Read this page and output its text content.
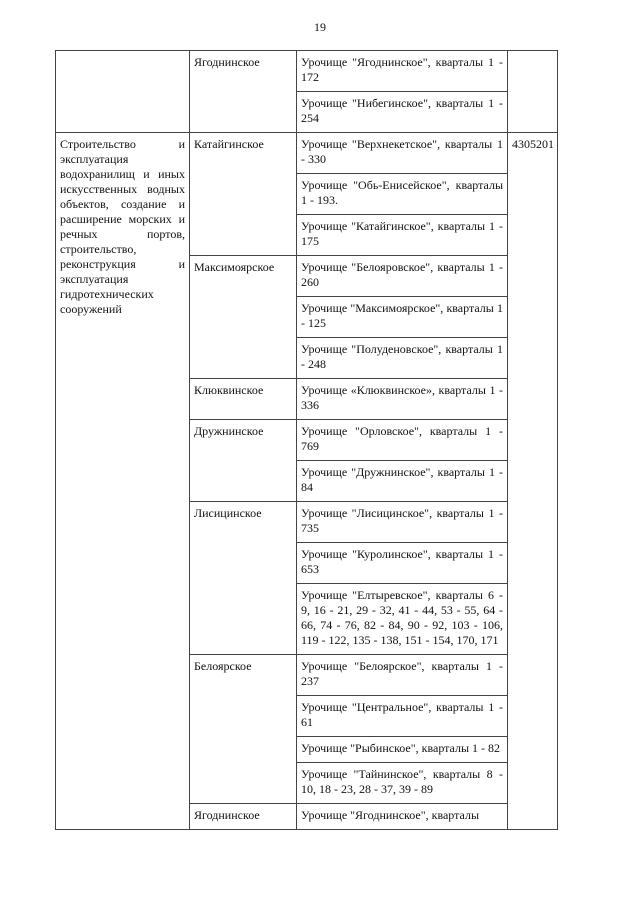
19
	Ягоднинское	Урочище "Ягоднинское", кварталы 1 - 172	
		Урочище "Нибегинское", кварталы 1 - 254	
Строительство и эксплуатация водохранилищ и иных искусственных водных объектов, создание и расширение морских и речных портов, строительство, реконструкция и эксплуатация гидротехнических сооружений	Катайгинское	Урочище "Верхнекетское", кварталы 1 - 330	4305201
		Урочище "Обь-Енисейское", кварталы 1 - 193.	
		Урочище "Катайгинское", кварталы 1 - 175	
	Максимоярское	Урочище "Белояровское", кварталы 1 - 260	
		Урочище "Максимоярское", кварталы 1 - 125	
		Урочище "Полуденовское", кварталы 1 - 248	
	Клюквинское	Урочище «Клюквинское», кварталы 1 - 336	
	Дружнинское	Урочище "Орловское", кварталы 1 - 769	
		Урочище "Дружнинское", кварталы 1 - 84	
	Лисицинское	Урочище "Лисицинское", кварталы 1 - 735	
		Урочище "Куролинское", кварталы 1 - 653	
		Урочище "Елтыревское", кварталы 6 - 9, 16 - 21, 29 - 32, 41 - 44, 53 - 55, 64 - 66, 74 - 76, 82 - 84, 90 - 92, 103 - 106, 119 - 122, 135 - 138, 151 - 154, 170, 171	
	Белоярское	Урочище "Белоярское", кварталы 1 - 237	
		Урочище "Центральное", кварталы 1 - 61	
		Урочище "Рыбинское", кварталы 1 - 82	
		Урочище "Тайнинское", кварталы 8 - 10, 18 - 23, 28 - 37, 39 - 89	
	Ягоднинское	Урочище "Ягоднинское", кварталы	
